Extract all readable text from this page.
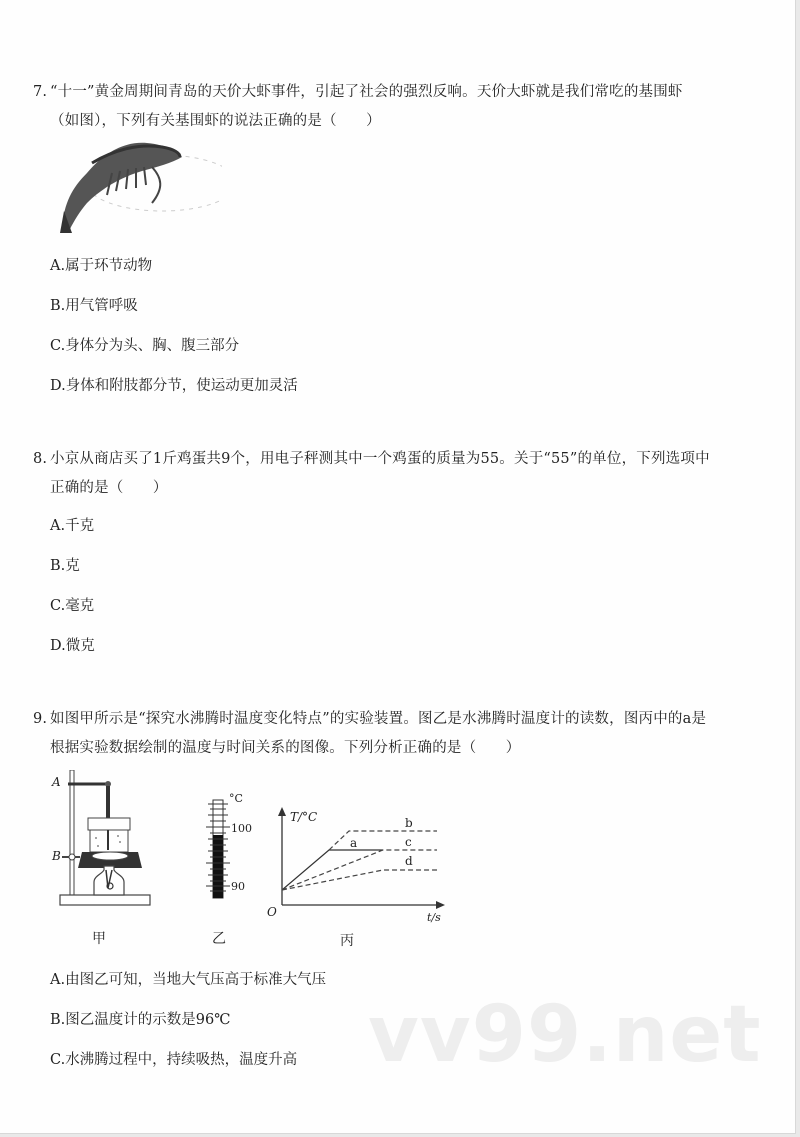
7. “十一”黄金周期间青岛的天价大虾事件，引起了社会的强烈反响。天价大虾就是我们常吃的基围虾
（如图），下列有关基围虾的说法正确的是（　　）
A.属于环节动物
B.用气管呼吸
C.身体分为头、胸、腹三部分
D.身体和附肢都分节，使运动更加灵活
8. 小京从商店买了1斤鸡蛋共9个，用电子秤测其中一个鸡蛋的质量为55。关于“55”的单位，下列选项中
正确的是（　　）
A.千克
B.克
C.毫克
D.微克
9. 如图甲所示是“探究水沸腾时温度变化特点”的实验装置。图乙是水沸腾时温度计的读数，图丙中的a是
根据实验数据绘制的温度与时间关系的图像。下列分析正确的是（　　）
A
B
甲
°C
100
90
乙
T/°C
O	t/s
a
b
c
d
丙
vv99.net
A.由图乙可知，当地大气压高于标准大气压
B.图乙温度计的示数是96℃
C.水沸腾过程中，持续吸热，温度升高
